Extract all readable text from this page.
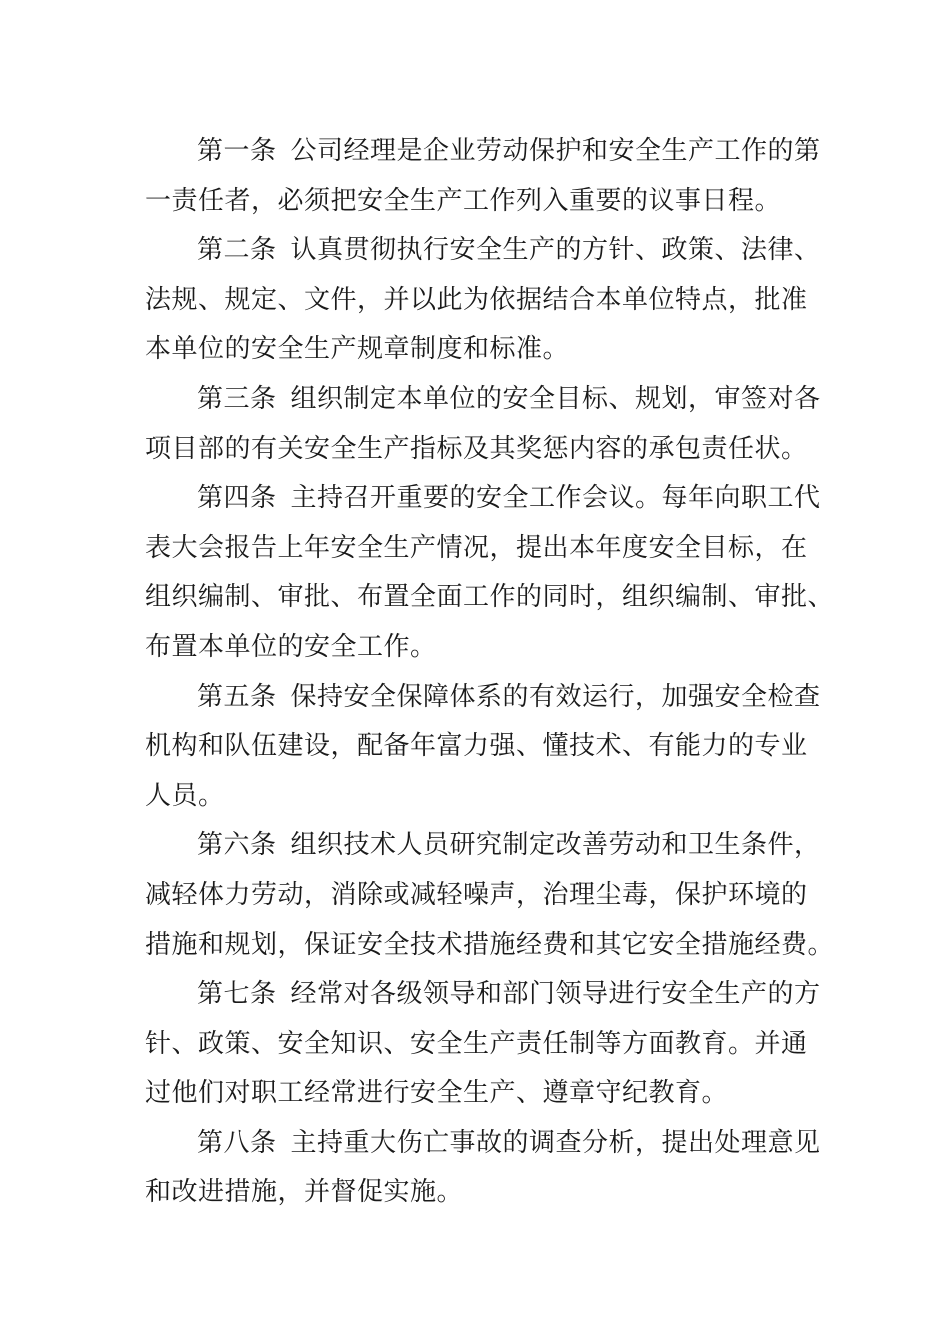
第一条 公司经理是企业劳动保护和安全生产工作的第
一责任者，必须把安全生产工作列入重要的议事日程。
第二条 认真贯彻执行安全生产的方针、政策、法律、
法规、规定、文件，并以此为依据结合本单位特点，批准
本单位的安全生产规章制度和标准。
第三条 组织制定本单位的安全目标、规划，审签对各
项目部的有关安全生产指标及其奖惩内容的承包责任状。
第四条 主持召开重要的安全工作会议。每年向职工代
表大会报告上年安全生产情况，提出本年度安全目标，在
组织编制、审批、布置全面工作的同时，组织编制、审批、
布置本单位的安全工作。
第五条 保持安全保障体系的有效运行，加强安全检查
机构和队伍建设，配备年富力强、懂技术、有能力的专业
人员。
第六条 组织技术人员研究制定改善劳动和卫生条件，
减轻体力劳动，消除或减轻噪声，治理尘毒，保护环境的
措施和规划，保证安全技术措施经费和其它安全措施经费。
第七条 经常对各级领导和部门领导进行安全生产的方
针、政策、安全知识、安全生产责任制等方面教育。并通
过他们对职工经常进行安全生产、遵章守纪教育。
第八条 主持重大伤亡事故的调查分析，提出处理意见
和改进措施，并督促实施。
